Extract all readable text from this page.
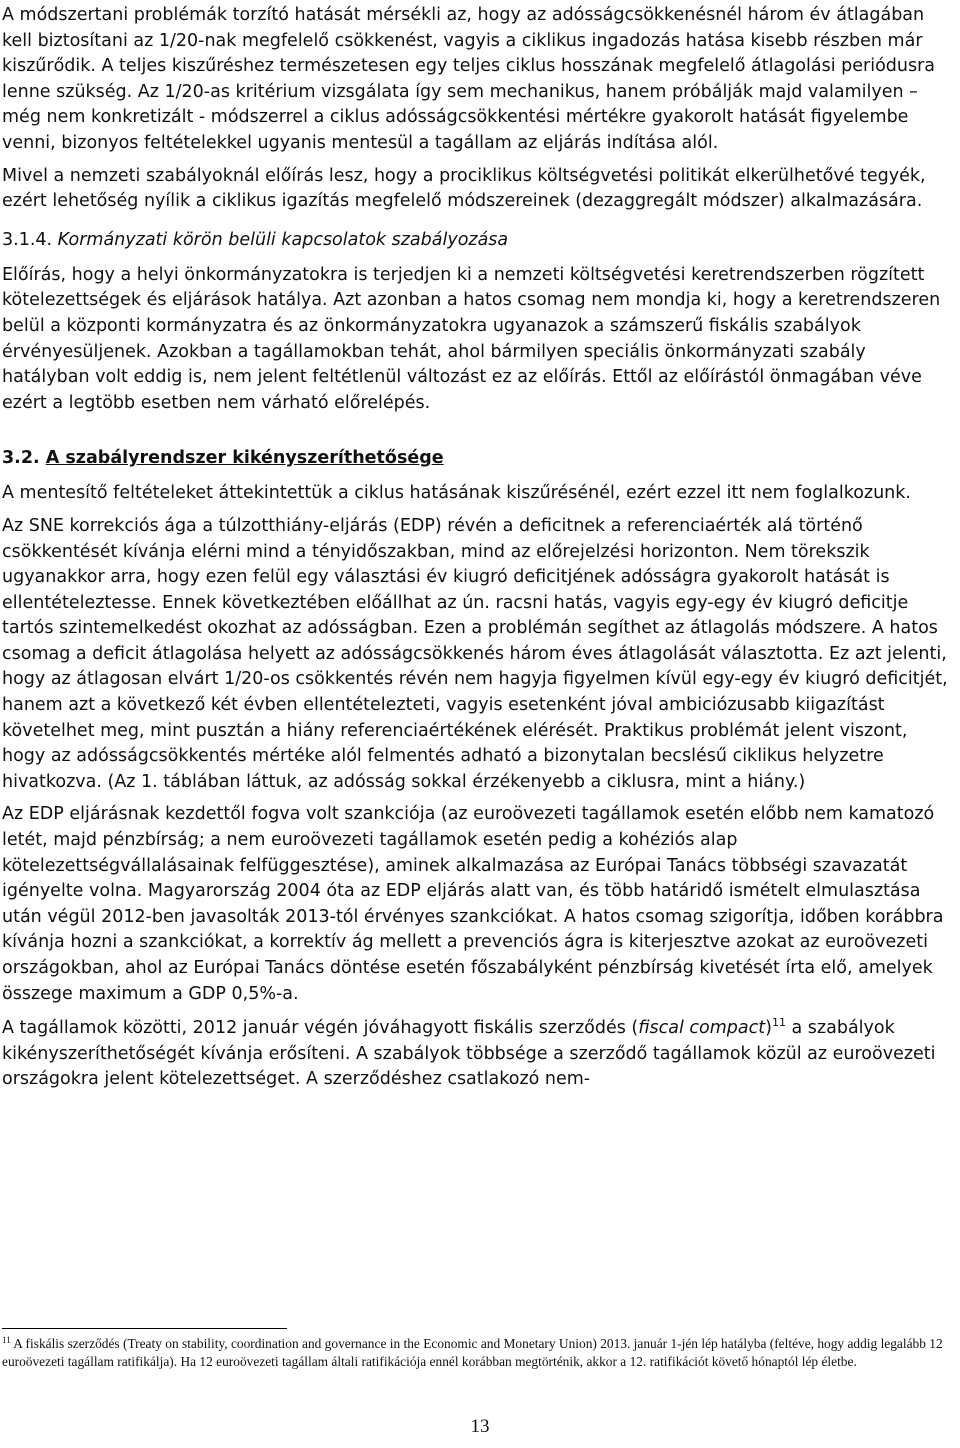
A módszertani problémák torzító hatását mérsékli az, hogy az adósságcsökkenésnél három év átlagában kell biztosítani az 1/20-nak megfelelő csökkenést, vagyis a ciklikus ingadozás hatása kisebb részben már kiszűrődik. A teljes kiszűréshez természetesen egy teljes ciklus hosszának megfelelő átlagolási periódusra lenne szükség. Az 1/20-as kritérium vizsgálata így sem mechanikus, hanem próbálják majd valamilyen – még nem konkretizált - módszerrel a ciklus adósságcsökkentési mértékre gyakorolt hatását figyelembe venni, bizonyos feltételekkel ugyanis mentesül a tagállam az eljárás indítása alól.

Mivel a nemzeti szabályoknál előírás lesz, hogy a prociklikus költségvetési politikát elkerülhetővé tegyék, ezért lehetőség nyílik a ciklikus igazítás megfelelő módszereinek (dezaggregált módszer) alkalmazására.

3.1.4. Kormányzati körön belüli kapcsolatok szabályozása

Előírás, hogy a helyi önkormányzatokra is terjedjen ki a nemzeti költségvetési keretrendszerben rögzített kötelezettségek és eljárások hatálya. Azt azonban a hatos csomag nem mondja ki, hogy a keretrendszeren belül a központi kormányzatra és az önkormányzatokra ugyanazok a számszerű fiskális szabályok érvényesüljenek. Azokban a tagállamokban tehát, ahol bármilyen speciális önkormányzati szabály hatályban volt eddig is, nem jelent feltétlenül változást ez az előírás. Ettől az előírástól önmagában véve ezért a legtöbb esetben nem várható előrelépés.

3.2. A szabályrendszer kikényszeríthetősége

A mentesítő feltételeket áttekintettük a ciklus hatásának kiszűrésénél, ezért ezzel itt nem foglalkozunk.

Az SNE korrekciós ága a túlzotthiány-eljárás (EDP) révén a deficitnek a referenciaérték alá történő csökkentését kívánja elérni mind a tényidőszakban, mind az előrejelzési horizonton. Nem törekszik ugyanakkor arra, hogy ezen felül egy választási év kiugró deficitjének adósságra gyakorolt hatását is ellentételeztesse. Ennek következtében előállhat az ún. racsni hatás, vagyis egy-egy év kiugró deficitje tartós szintemelkedést okozhat az adósságban. Ezen a problémán segíthet az átlagolás módszere. A hatos csomag a deficit átlagolása helyett az adósságcsökkenés három éves átlagolását választotta. Ez azt jelenti, hogy az átlagosan elvárt 1/20-os csökkentés révén nem hagyja figyelmen kívül egy-egy év kiugró deficitjét, hanem azt a következő két évben ellentételezteti, vagyis esetenként jóval ambiciózusabb kiigazítást követelhet meg, mint pusztán a hiány referenciaértékének elérését. Praktikus problémát jelent viszont, hogy az adósságcsökkentés mértéke alól felmentés adható a bizonytalan becslésű ciklikus helyzetre hivatkozva. (Az 1. táblában láttuk, az adósság sokkal érzékenyebb a ciklusra, mint a hiány.)

Az EDP eljárásnak kezdettől fogva volt szankciója (az euroövezeti tagállamok esetén előbb nem kamatozó letét, majd pénzbírság; a nem euroövezeti tagállamok esetén pedig a kohéziós alap kötelezettségvállalásainak felfüggesztése), aminek alkalmazása az Európai Tanács többségi szavazatát igényelte volna. Magyarország 2004 óta az EDP eljárás alatt van, és több határidő ismételt elmulasztása után végül 2012-ben javasolták 2013-tól érvényes szankciókat. A hatos csomag szigorítja, időben korábbra kívánja hozni a szankciókat, a korrektív ág mellett a prevenciós ágra is kiterjesztve azokat az euroövezeti országokban, ahol az Európai Tanács döntése esetén főszabályként pénzbírság kivetését írta elő, amelyek összege maximum a GDP 0,5%-a.

A tagállamok közötti, 2012 január végén jóváhagyott fiskális szerződés (fiscal compact)$^{11}$ a szabályok kikényszeríthetőségét kívánja erősíteni. A szabályok többsége a szerződő tagállamok közül az euroövezeti országokra jelent kötelezettséget. A szerződéshez csatlakozó nem-

$^{11}$ A fiskális szerződés (Treaty on stability, coordination and governance in the Economic and Monetary Union) 2013. január 1-jén lép hatályba (feltéve, hogy addig legalább 12 euroövezeti tagállam ratifikálja). Ha 12 euroövezeti tagállam általi ratifikációja ennél korábban megtörténik, akkor a 12. ratifikációt követő hónaptól lép életbe.
13
